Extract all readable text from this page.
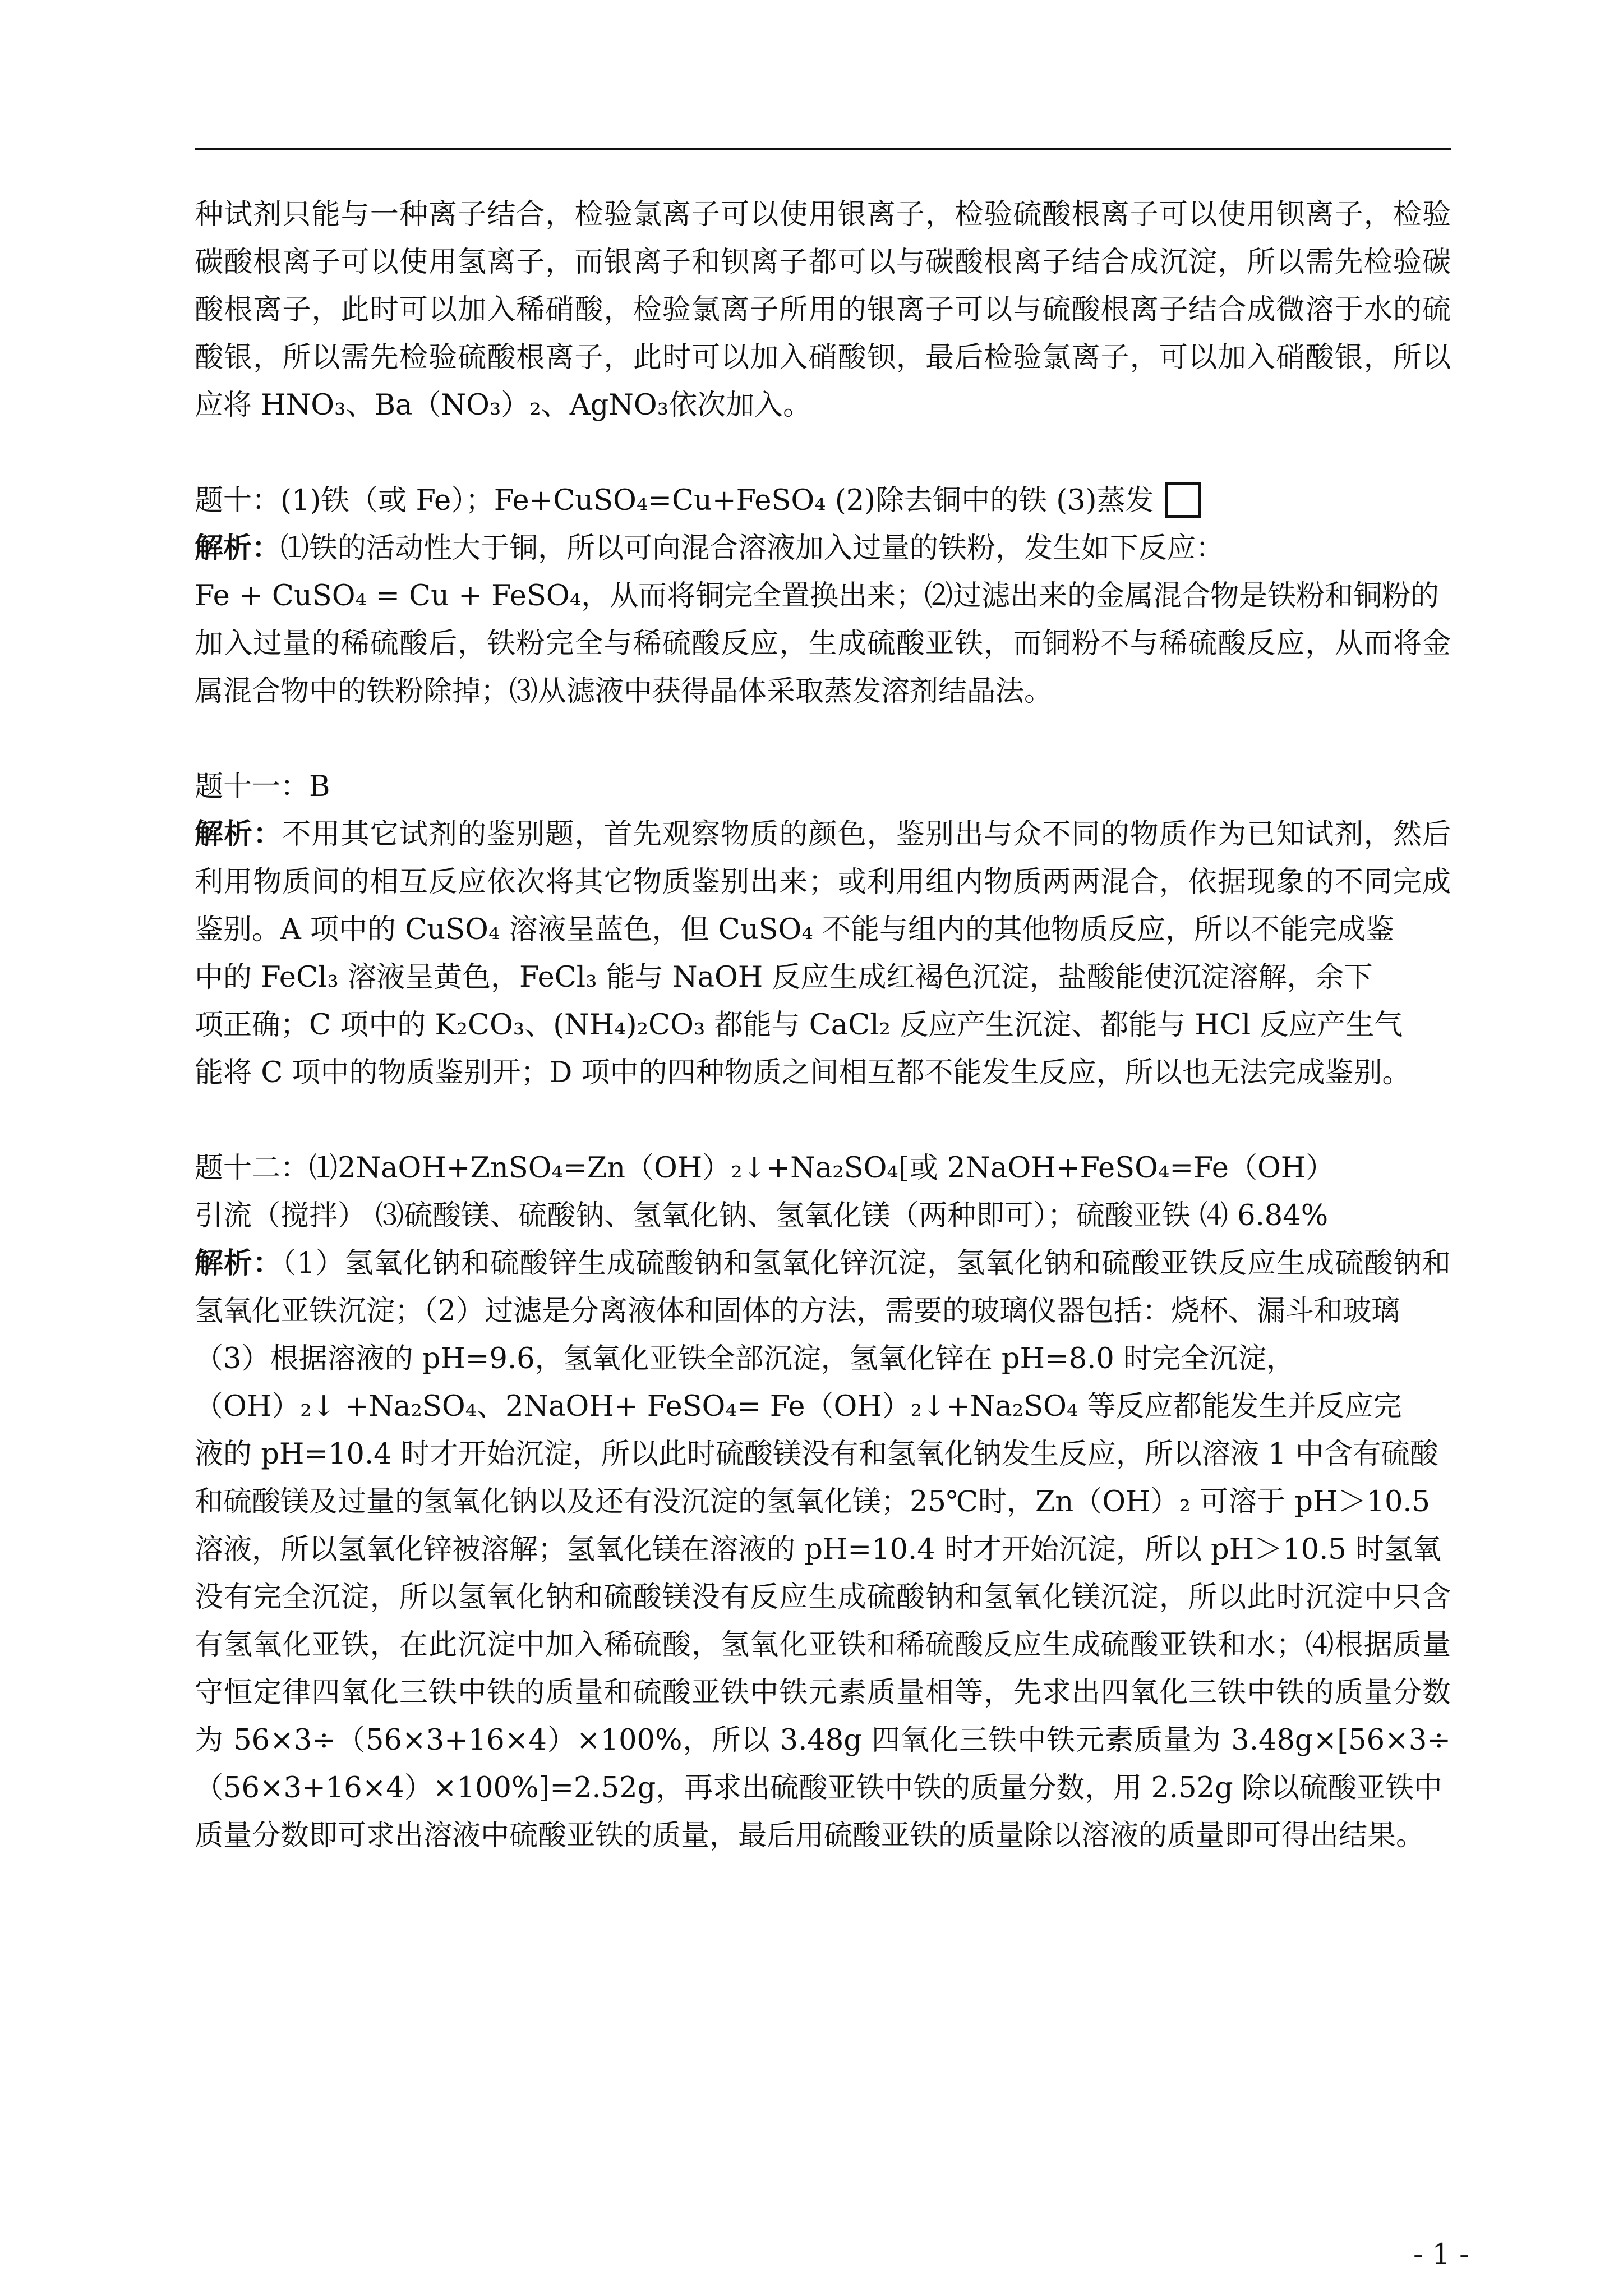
种试剂只能与一种离子结合，检验氯离子可以使用银离子，检验硫酸根离子可以使用钡离子，检验
碳酸根离子可以使用氢离子，而银离子和钡离子都可以与碳酸根离子结合成沉淀，所以需先检验碳
酸根离子，此时可以加入稀硝酸，检验氯离子所用的银离子可以与硫酸根离子结合成微溶于水的硫
酸银，所以需先检验硫酸根离子，此时可以加入硝酸钡，最后检验氯离子，可以加入硝酸银，所以
应将 HNO₃、Ba（NO₃）₂、AgNO₃依次加入。
题十：(1)铁（或 Fe）；Fe+CuSO₄=Cu+FeSO₄ (2)除去铜中的铁 (3)蒸发
解析：⑴铁的活动性大于铜，所以可向混合溶液加入过量的铁粉，发生如下反应：
Fe + CuSO₄ = Cu + FeSO₄，从而将铜完全置换出来；⑵过滤出来的金属混合物是铁粉和铜粉的
加入过量的稀硫酸后，铁粉完全与稀硫酸反应，生成硫酸亚铁，而铜粉不与稀硫酸反应，从而将金
属混合物中的铁粉除掉；⑶从滤液中获得晶体采取蒸发溶剂结晶法。
题十一：B
解析：不用其它试剂的鉴别题，首先观察物质的颜色，鉴别出与众不同的物质作为已知试剂，然后
利用物质间的相互反应依次将其它物质鉴别出来；或利用组内物质两两混合，依据现象的不同完成
鉴别。A 项中的 CuSO₄ 溶液呈蓝色，但 CuSO₄ 不能与组内的其他物质反应，所以不能完成鉴
中的 FeCl₃ 溶液呈黄色，FeCl₃ 能与 NaOH 反应生成红褐色沉淀，盐酸能使沉淀溶解，余下
项正确；C 项中的 K₂CO₃、(NH₄)₂CO₃ 都能与 CaCl₂ 反应产生沉淀、都能与 HCl 反应产生气
能将 C 项中的物质鉴别开；D 项中的四种物质之间相互都不能发生反应，所以也无法完成鉴别。
题十二：⑴2NaOH+ZnSO₄=Zn（OH）₂↓+Na₂SO₄[或 2NaOH+FeSO₄=Fe（OH）
引流（搅拌） ⑶硫酸镁、硫酸钠、氢氧化钠、氢氧化镁（两种即可）；硫酸亚铁 ⑷ 6.84%
解析：（1）氢氧化钠和硫酸锌生成硫酸钠和氢氧化锌沉淀，氢氧化钠和硫酸亚铁反应生成硫酸钠和
氢氧化亚铁沉淀；（2）过滤是分离液体和固体的方法，需要的玻璃仪器包括：烧杯、漏斗和玻璃
（3）根据溶液的 pH=9.6，氢氧化亚铁全部沉淀，氢氧化锌在 pH=8.0 时完全沉淀，
（OH）₂↓ +Na₂SO₄、2NaOH+ FeSO₄= Fe（OH）₂↓+Na₂SO₄ 等反应都能发生并反应完
液的 pH=10.4 时才开始沉淀，所以此时硫酸镁没有和氢氧化钠发生反应，所以溶液 1 中含有硫酸
和硫酸镁及过量的氢氧化钠以及还有没沉淀的氢氧化镁；25℃时，Zn（OH）₂ 可溶于 pH＞10.5
溶液，所以氢氧化锌被溶解；氢氧化镁在溶液的 pH=10.4 时才开始沉淀，所以 pH＞10.5 时氢氧
没有完全沉淀，所以氢氧化钠和硫酸镁没有反应生成硫酸钠和氢氧化镁沉淀，所以此时沉淀中只含
有氢氧化亚铁，在此沉淀中加入稀硫酸，氢氧化亚铁和稀硫酸反应生成硫酸亚铁和水；⑷根据质量
守恒定律四氧化三铁中铁的质量和硫酸亚铁中铁元素质量相等，先求出四氧化三铁中铁的质量分数
为 56×3÷（56×3+16×4）×100%，所以 3.48g 四氧化三铁中铁元素质量为 3.48g×[56×3÷
（56×3+16×4）×100%]=2.52g，再求出硫酸亚铁中铁的质量分数，用 2.52g 除以硫酸亚铁中
质量分数即可求出溶液中硫酸亚铁的质量，最后用硫酸亚铁的质量除以溶液的质量即可得出结果。
- 1 -
